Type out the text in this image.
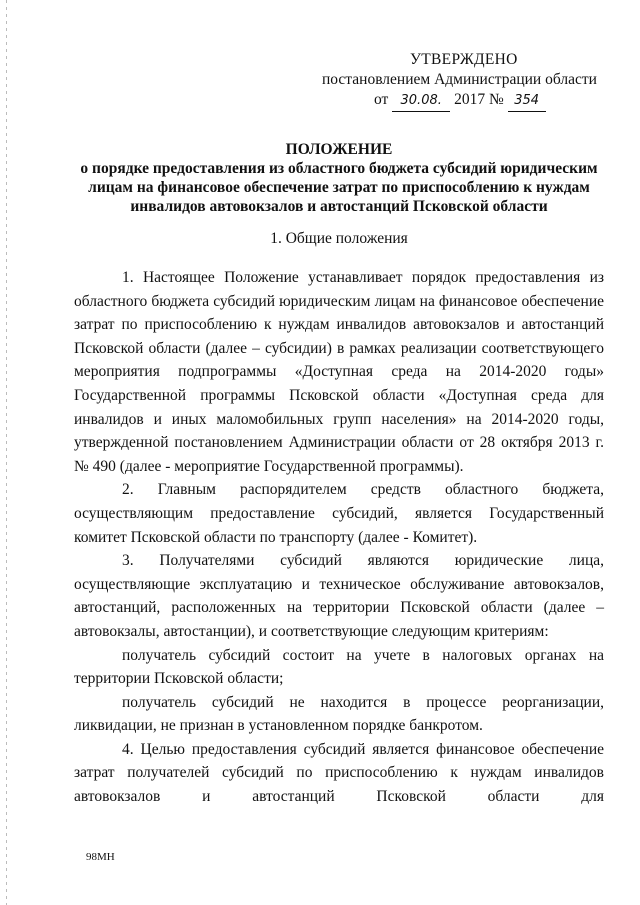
УТВЕРЖДЕНО
постановлением Администрации области
от 30.08. 2017 № 354
ПОЛОЖЕНИЕ
о порядке предоставления из областного бюджета субсидий юридическим
лицам на финансовое обеспечение затрат по приспособлению к нуждам
инвалидов автовокзалов и автостанций Псковской области
1. Общие положения

1. Настоящее Положение устанавливает порядок предоставления из областного бюджета субсидий юридическим лицам на финансовое обеспечение затрат по приспособлению к нуждам инвалидов автовокзалов и автостанций Псковской области (далее – субсидии) в рамках реализации соответствующего мероприятия подпрограммы «Доступная среда на 2014-2020 годы» Государственной программы Псковской области «Доступная среда для инвалидов и иных маломобильных групп населения» на 2014-2020 годы, утвержденной постановлением Администрации области от 28 октября 2013 г. № 490 (далее - мероприятие Государственной программы).

2. Главным распорядителем средств областного бюджета, осуществляющим предоставление субсидий, является Государственный комитет Псковской области по транспорту (далее - Комитет).

3. Получателями субсидий являются юридические лица, осуществляющие эксплуатацию и техническое обслуживание автовокзалов, автостанций, расположенных на территории Псковской области (далее – автовокзалы, автостанции), и соответствующие следующим критериям:

получатель субсидий состоит на учете в налоговых органах на территории Псковской области;

получатель субсидий не находится в процессе реорганизации, ликвидации, не признан в установленном порядке банкротом.

4. Целью предоставления субсидий является финансовое обеспечение затрат получателей субсидий по приспособлению к нуждам инвалидов автовокзалов и автостанций Псковской области для

98МН
